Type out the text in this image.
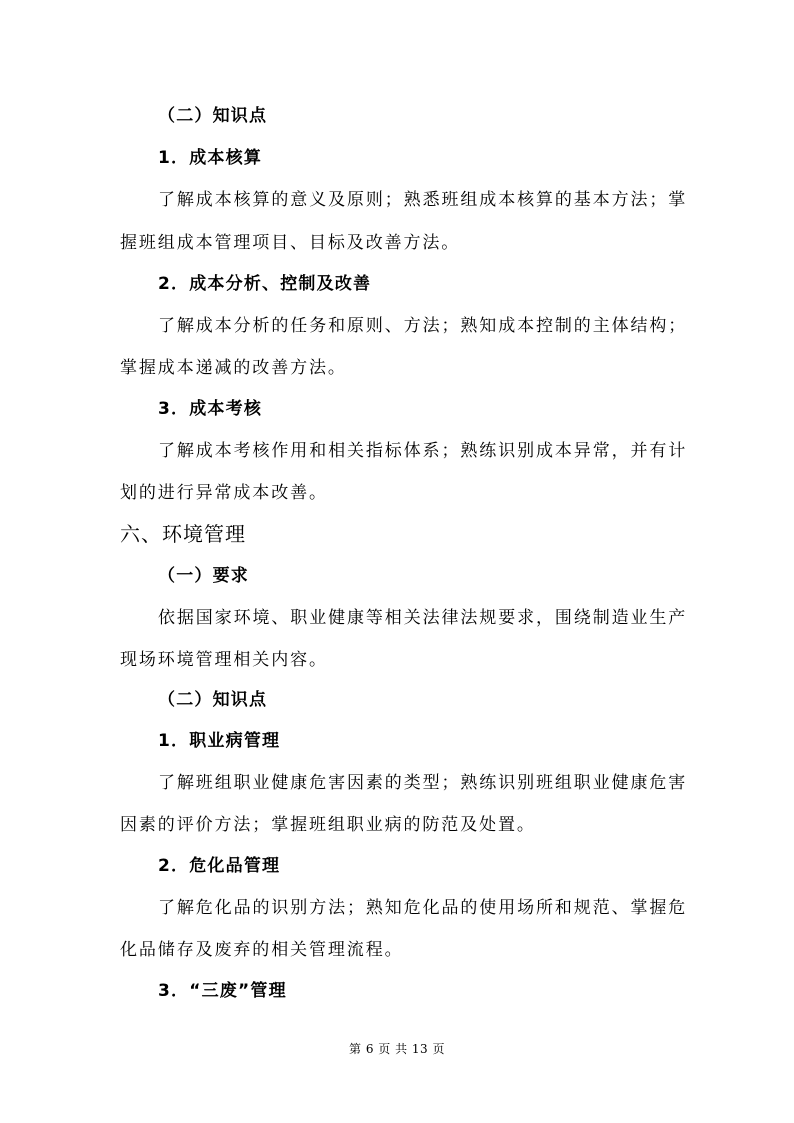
（二）知识点
1．成本核算
了解成本核算的意义及原则；熟悉班组成本核算的基本方法；掌
握班组成本管理项目、目标及改善方法。
2．成本分析、控制及改善
了解成本分析的任务和原则、方法；熟知成本控制的主体结构；
掌握成本递减的改善方法。
3．成本考核
了解成本考核作用和相关指标体系；熟练识别成本异常，并有计
划的进行异常成本改善。
六、环境管理
（一）要求
依据国家环境、职业健康等相关法律法规要求，围绕制造业生产
现场环境管理相关内容。
（二）知识点
1．职业病管理
了解班组职业健康危害因素的类型；熟练识别班组职业健康危害
因素的评价方法；掌握班组职业病的防范及处置。
2．危化品管理
了解危化品的识别方法；熟知危化品的使用场所和规范、掌握危
化品储存及废弃的相关管理流程。
3．“三废”管理
第 6 页 共 13 页
